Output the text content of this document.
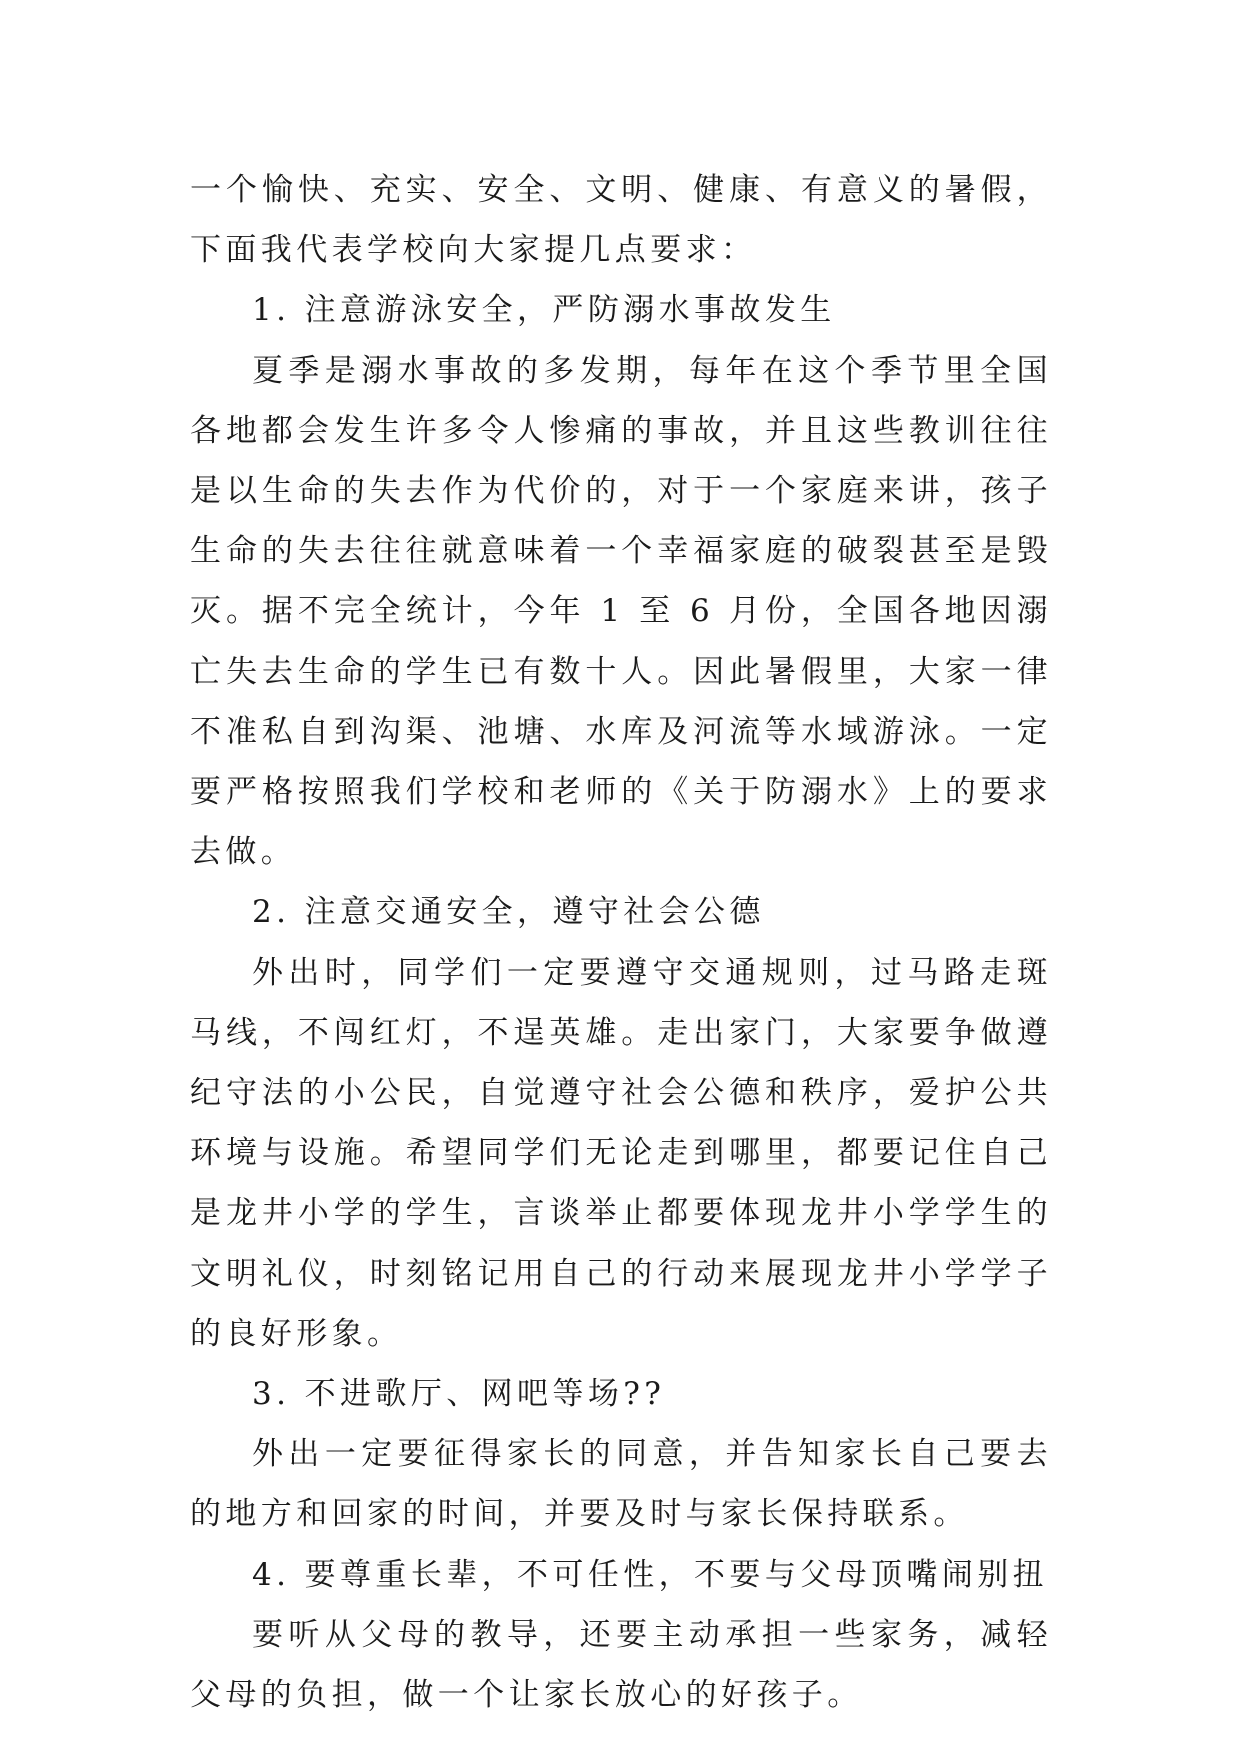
一个愉快、充实、安全、文明、健康、有意义的暑假，下面我代表学校向大家提几点要求：

1. 注意游泳安全，严防溺水事故发生

夏季是溺水事故的多发期，每年在这个季节里全国各地都会发生许多令人惨痛的事故，并且这些教训往往是以生命的失去作为代价的，对于一个家庭来讲，孩子生命的失去往往就意味着一个幸福家庭的破裂甚至是毁灭。据不完全统计，今年 1 至 6 月份，全国各地因溺亡失去生命的学生已有数十人。因此暑假里，大家一律不准私自到沟渠、池塘、水库及河流等水域游泳。一定要严格按照我们学校和老师的《关于防溺水》上的要求去做。

2. 注意交通安全，遵守社会公德

外出时，同学们一定要遵守交通规则，过马路走斑马线，不闯红灯，不逞英雄。走出家门，大家要争做遵纪守法的小公民，自觉遵守社会公德和秩序，爱护公共环境与设施。希望同学们无论走到哪里，都要记住自己是龙井小学的学生，言谈举止都要体现龙井小学学生的文明礼仪，时刻铭记用自己的行动来展现龙井小学学子的良好形象。

3. 不进歌厅、网吧等场??

外出一定要征得家长的同意，并告知家长自己要去的地方和回家的时间，并要及时与家长保持联系。

4. 要尊重长辈，不可任性，不要与父母顶嘴闹别扭

要听从父母的教导，还要主动承担一些家务，减轻父母的负担，做一个让家长放心的好孩子。
